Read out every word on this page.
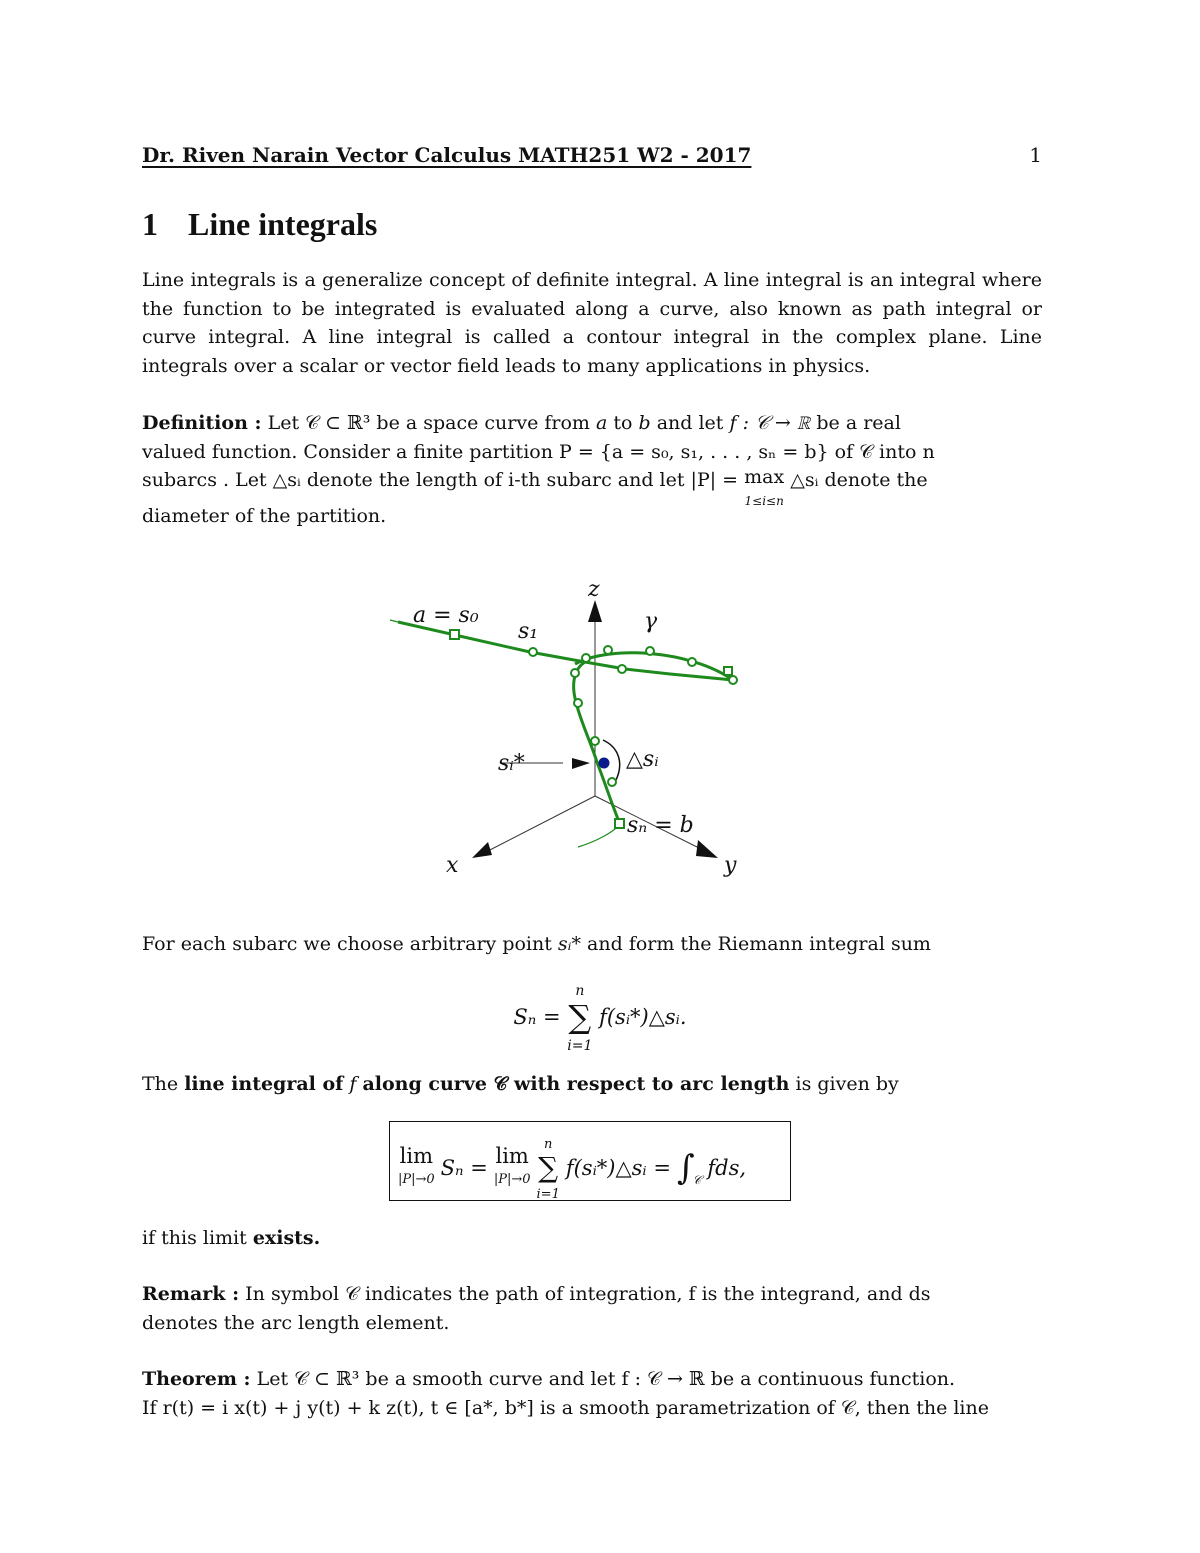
Dr. Riven Narain Vector Calculus MATH251 W2 - 2017	1
1 Line integrals
Line integrals is a generalize concept of definite integral. A line integral is an integral where the function to be integrated is evaluated along a curve, also known as path integral or curve integral. A line integral is called a contour integral in the complex plane. Line integrals over a scalar or vector field leads to many applications in physics.
Definition : Let 𝒞 ⊂ ℝ³ be a space curve from a to b and let f : 𝒞 → ℝ be a real
valued function. Consider a finite partition P = {a = s₀, s₁, . . . , sₙ = b} of 𝒞 into n
subarcs . Let △sᵢ denote the length of i-th subarc and let |P| = max
1≤i≤n △sᵢ denote the
diameter of the partition.
z
x	y
γ
a = s₀
s₁
sᵢ*	△sᵢ
sₙ = b
For each subarc we choose arbitrary point sᵢ* and form the Riemann integral sum
Sₙ = n
∑
i=1 f(sᵢ*)△sᵢ.
The line integral of f along curve 𝒞 with respect to arc length is given by
lim
|P|→0 Sₙ = lim
|P|→0
n
∑
i=1
f(sᵢ*)△sᵢ = ∫
𝒞 fds,
if this limit exists.
Remark : In symbol 𝒞 indicates the path of integration, f is the integrand, and ds
denotes the arc length element.
Theorem : Let 𝒞 ⊂ ℝ³ be a smooth curve and let f : 𝒞 → ℝ be a continuous function.
If r(t) = i x(t) + j y(t) + k z(t), t ∈ [a*, b*] is a smooth parametrization of 𝒞, then the line
